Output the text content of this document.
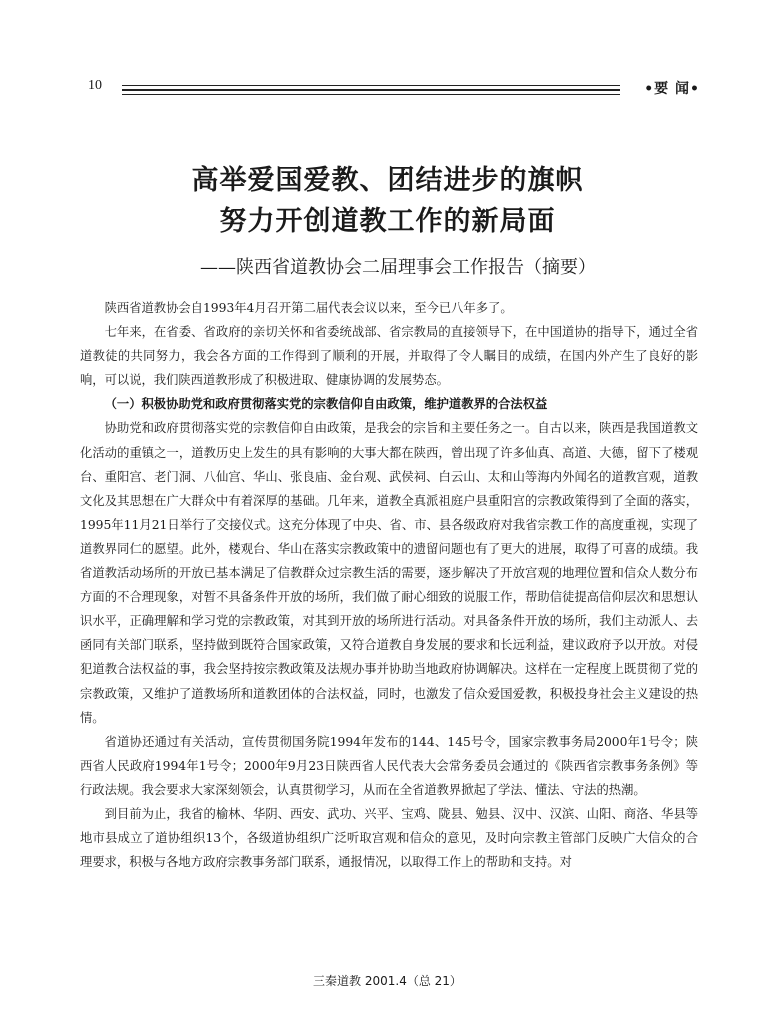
10	•要 闻•
高举爱国爱教、团结进步的旗帜
努力开创道教工作的新局面
——陕西省道教协会二届理事会工作报告（摘要）

陕西省道教协会自1993年4月召开第二届代表会议以来，至今已八年多了。

七年来，在省委、省政府的亲切关怀和省委统战部、省宗教局的直接领导下，在中国道协的指导下，通过全省道教徒的共同努力，我会各方面的工作得到了顺利的开展，并取得了令人瞩目的成绩，在国内外产生了良好的影响，可以说，我们陕西道教形成了积极进取、健康协调的发展势态。

（一）积极协助党和政府贯彻落实党的宗教信仰自由政策，维护道教界的合法权益

协助党和政府贯彻落实党的宗教信仰自由政策，是我会的宗旨和主要任务之一。自古以来，陕西是我国道教文化活动的重镇之一，道教历史上发生的具有影响的大事大都在陕西，曾出现了许多仙真、高道、大德，留下了楼观台、重阳宫、老门洞、八仙宫、华山、张良庙、金台观、武侯祠、白云山、太和山等海内外闻名的道教宫观，道教文化及其思想在广大群众中有着深厚的基础。几年来，道教全真派祖庭户县重阳宫的宗教政策得到了全面的落实，1995年11月21日举行了交接仪式。这充分体现了中央、省、市、县各级政府对我省宗教工作的高度重视，实现了道教界同仁的愿望。此外，楼观台、华山在落实宗教政策中的遗留问题也有了更大的进展，取得了可喜的成绩。我省道教活动场所的开放已基本满足了信教群众过宗教生活的需要，逐步解决了开放宫观的地理位置和信众人数分布方面的不合理现象，对暂不具备条件开放的场所，我们做了耐心细致的说服工作，帮助信徒提高信仰层次和思想认识水平，正确理解和学习党的宗教政策，对其到开放的场所进行活动。对具备条件开放的场所，我们主动派人、去函同有关部门联系，坚持做到既符合国家政策，又符合道教自身发展的要求和长远利益，建议政府予以开放。对侵犯道教合法权益的事，我会坚持按宗教政策及法规办事并协助当地政府协调解决。这样在一定程度上既贯彻了党的宗教政策，又维护了道教场所和道教团体的合法权益，同时，也激发了信众爱国爱教，积极投身社会主义建设的热情。

省道协还通过有关活动，宣传贯彻国务院1994年发布的144、145号令，国家宗教事务局2000年1号令；陕西省人民政府1994年1号令；2000年9月23日陕西省人民代表大会常务委员会通过的《陕西省宗教事务条例》等行政法规。我会要求大家深刻领会，认真贯彻学习，从而在全省道教界掀起了学法、懂法、守法的热潮。

到目前为止，我省的榆林、华阴、西安、武功、兴平、宝鸡、陇县、勉县、汉中、汉滨、山阳、商洛、华县等地市县成立了道协组织13个，各级道协组织广泛听取宫观和信众的意见，及时向宗教主管部门反映广大信众的合理要求，积极与各地方政府宗教事务部门联系，通报情况，以取得工作上的帮助和支持。对

三秦道教 2001.4（总 21）
